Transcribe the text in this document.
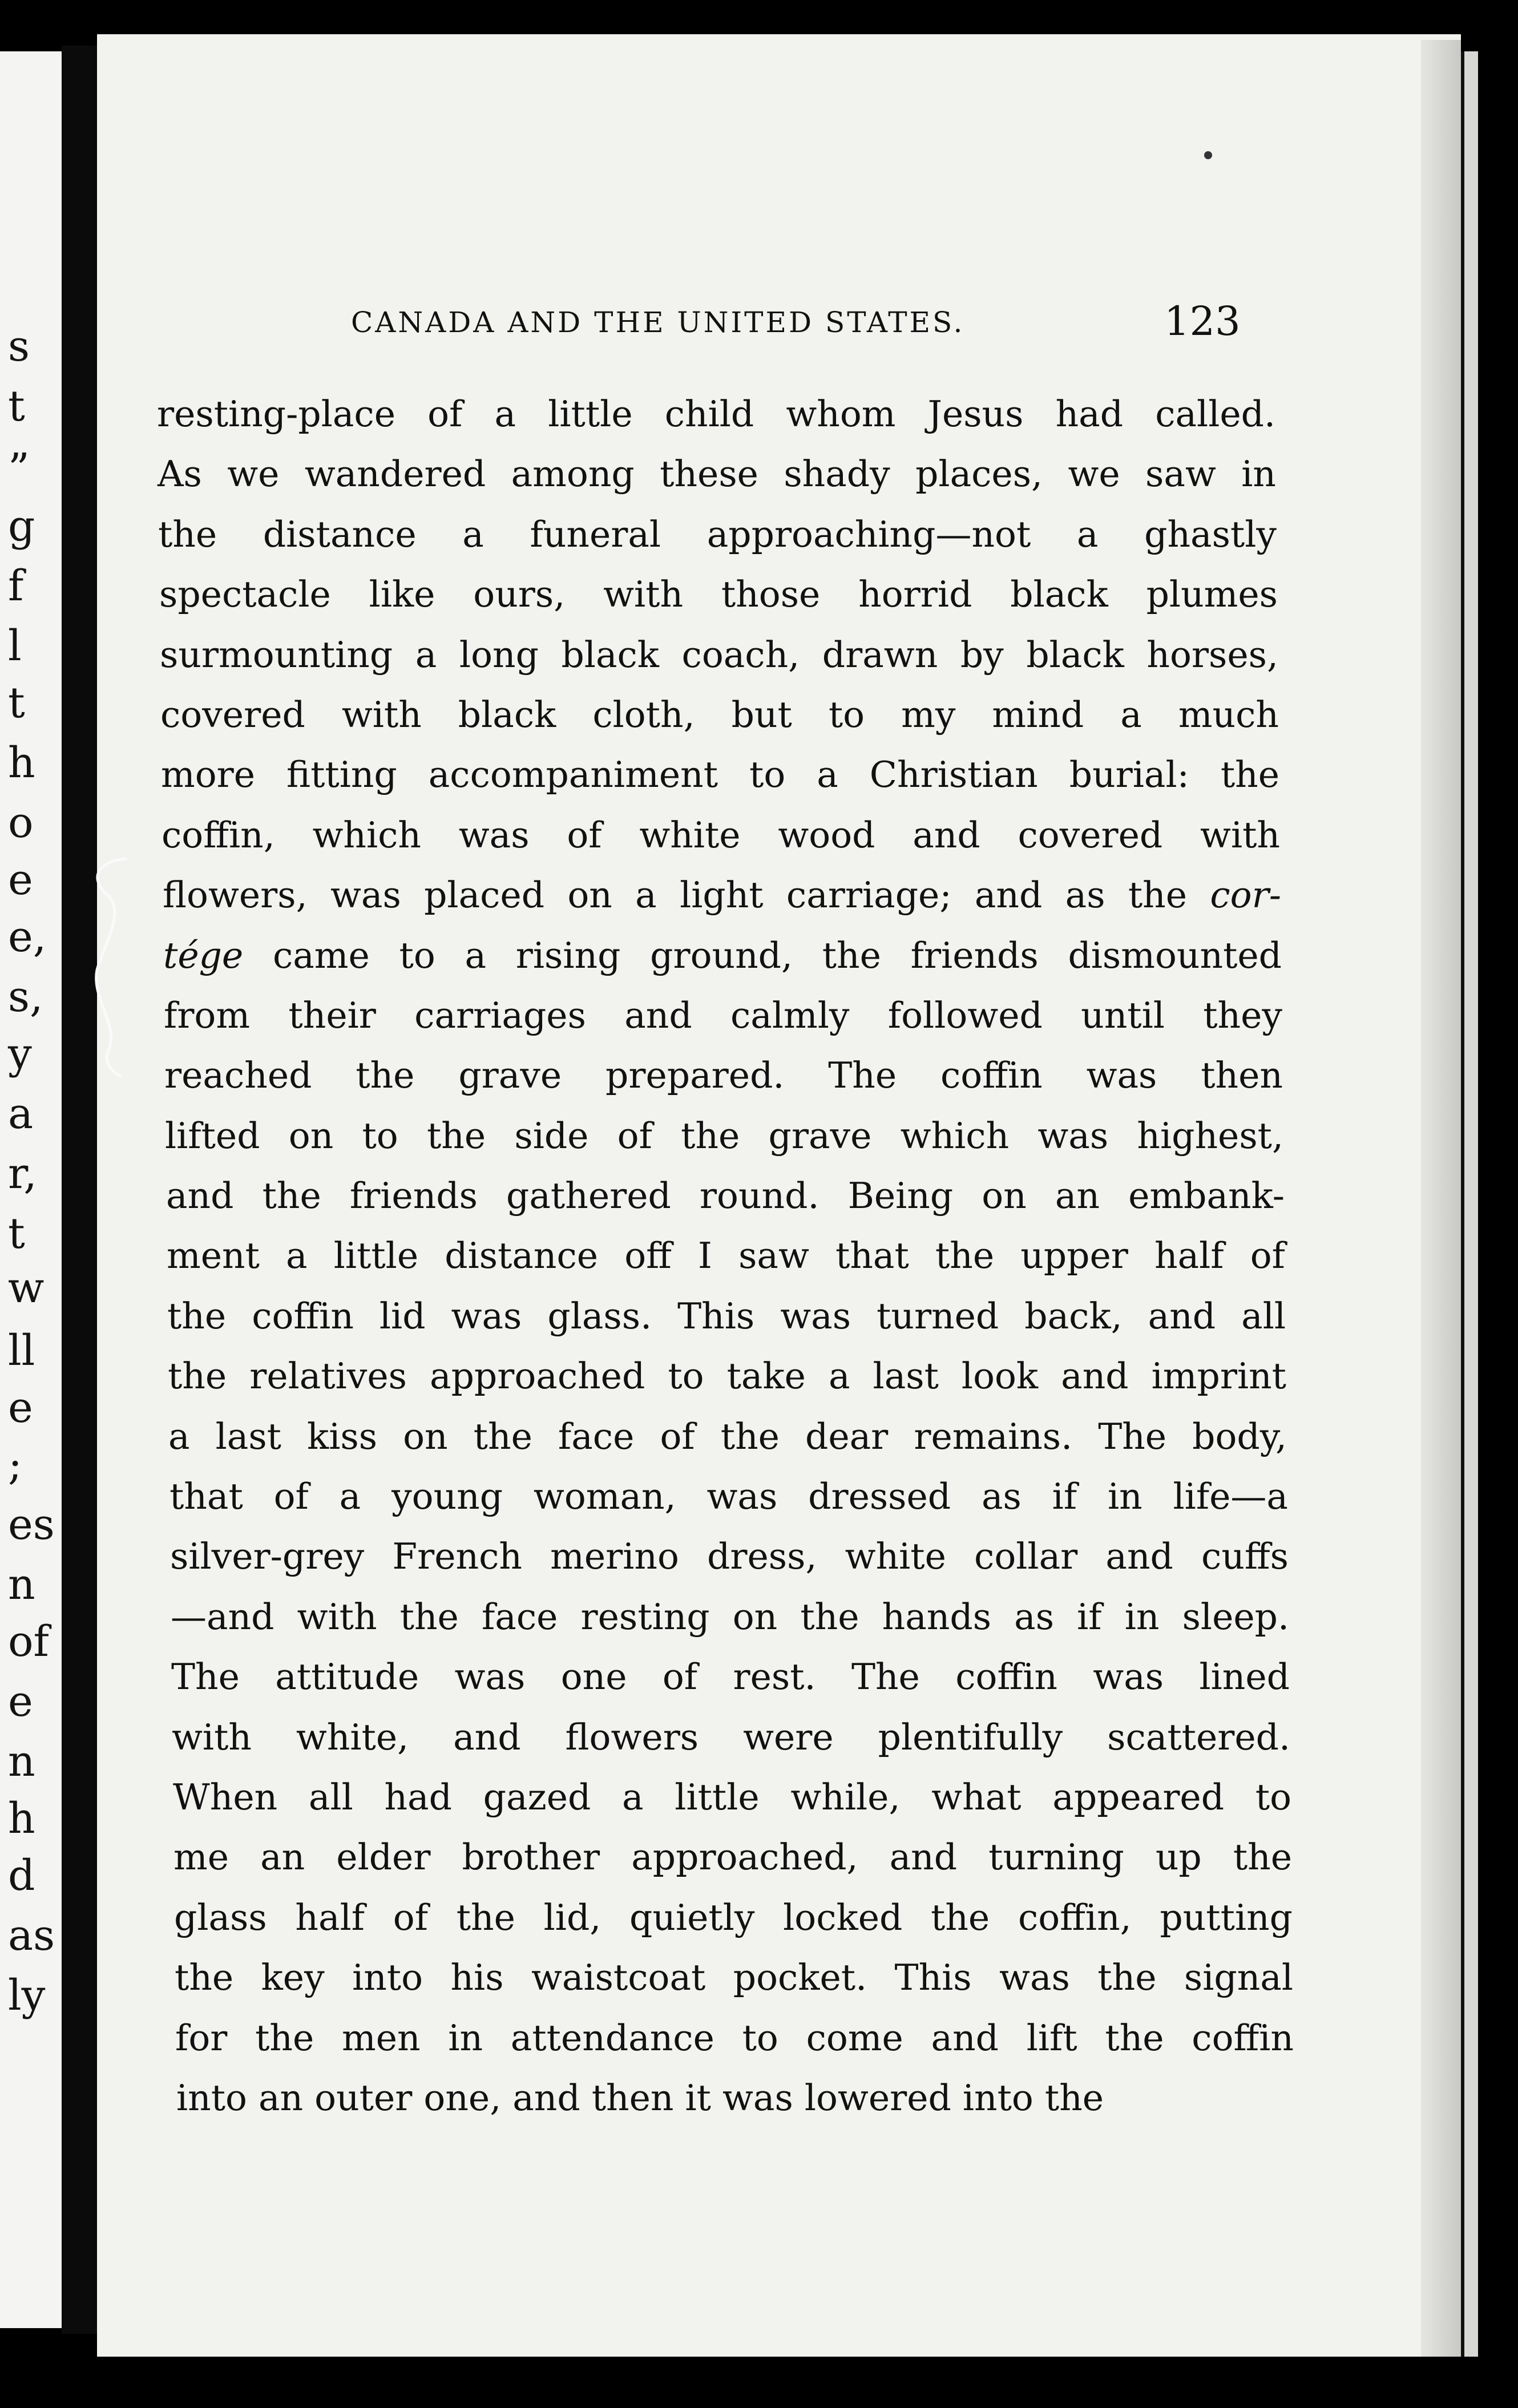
s
t
”
g
f
l
t
h
o
e
e,
s,
y
a
r,
t
w
ll
e
;
es
n
of
e
n
h
d
as
ly
CANADA AND THE UNITED STATES.	123
resting-place of a little child whom Jesus had called.
As we wandered among these shady places, we saw in
the distance a funeral approaching—not a ghastly
spectacle like ours, with those horrid black plumes
surmounting a long black coach, drawn by black horses,
covered with black cloth, but to my mind a much
more fitting accompaniment to a Christian burial: the
coffin, which was of white wood and covered with
flowers, was placed on a light carriage; and as the cor-
tége came to a rising ground, the friends dismounted
from their carriages and calmly followed until they
reached the grave prepared. The coffin was then
lifted on to the side of the grave which was highest,
and the friends gathered round. Being on an embank-
ment a little distance off I saw that the upper half of
the coffin lid was glass. This was turned back, and all
the relatives approached to take a last look and imprint
a last kiss on the face of the dear remains. The body,
that of a young woman, was dressed as if in life—a
silver-grey French merino dress, white collar and cuffs
—and with the face resting on the hands as if in sleep.
The attitude was one of rest. The coffin was lined
with white, and flowers were plentifully scattered.
When all had gazed a little while, what appeared to
me an elder brother approached, and turning up the
glass half of the lid, quietly locked the coffin, putting
the key into his waistcoat pocket. This was the signal
for the men in attendance to come and lift the coffin
into an outer one, and then it was lowered into the
